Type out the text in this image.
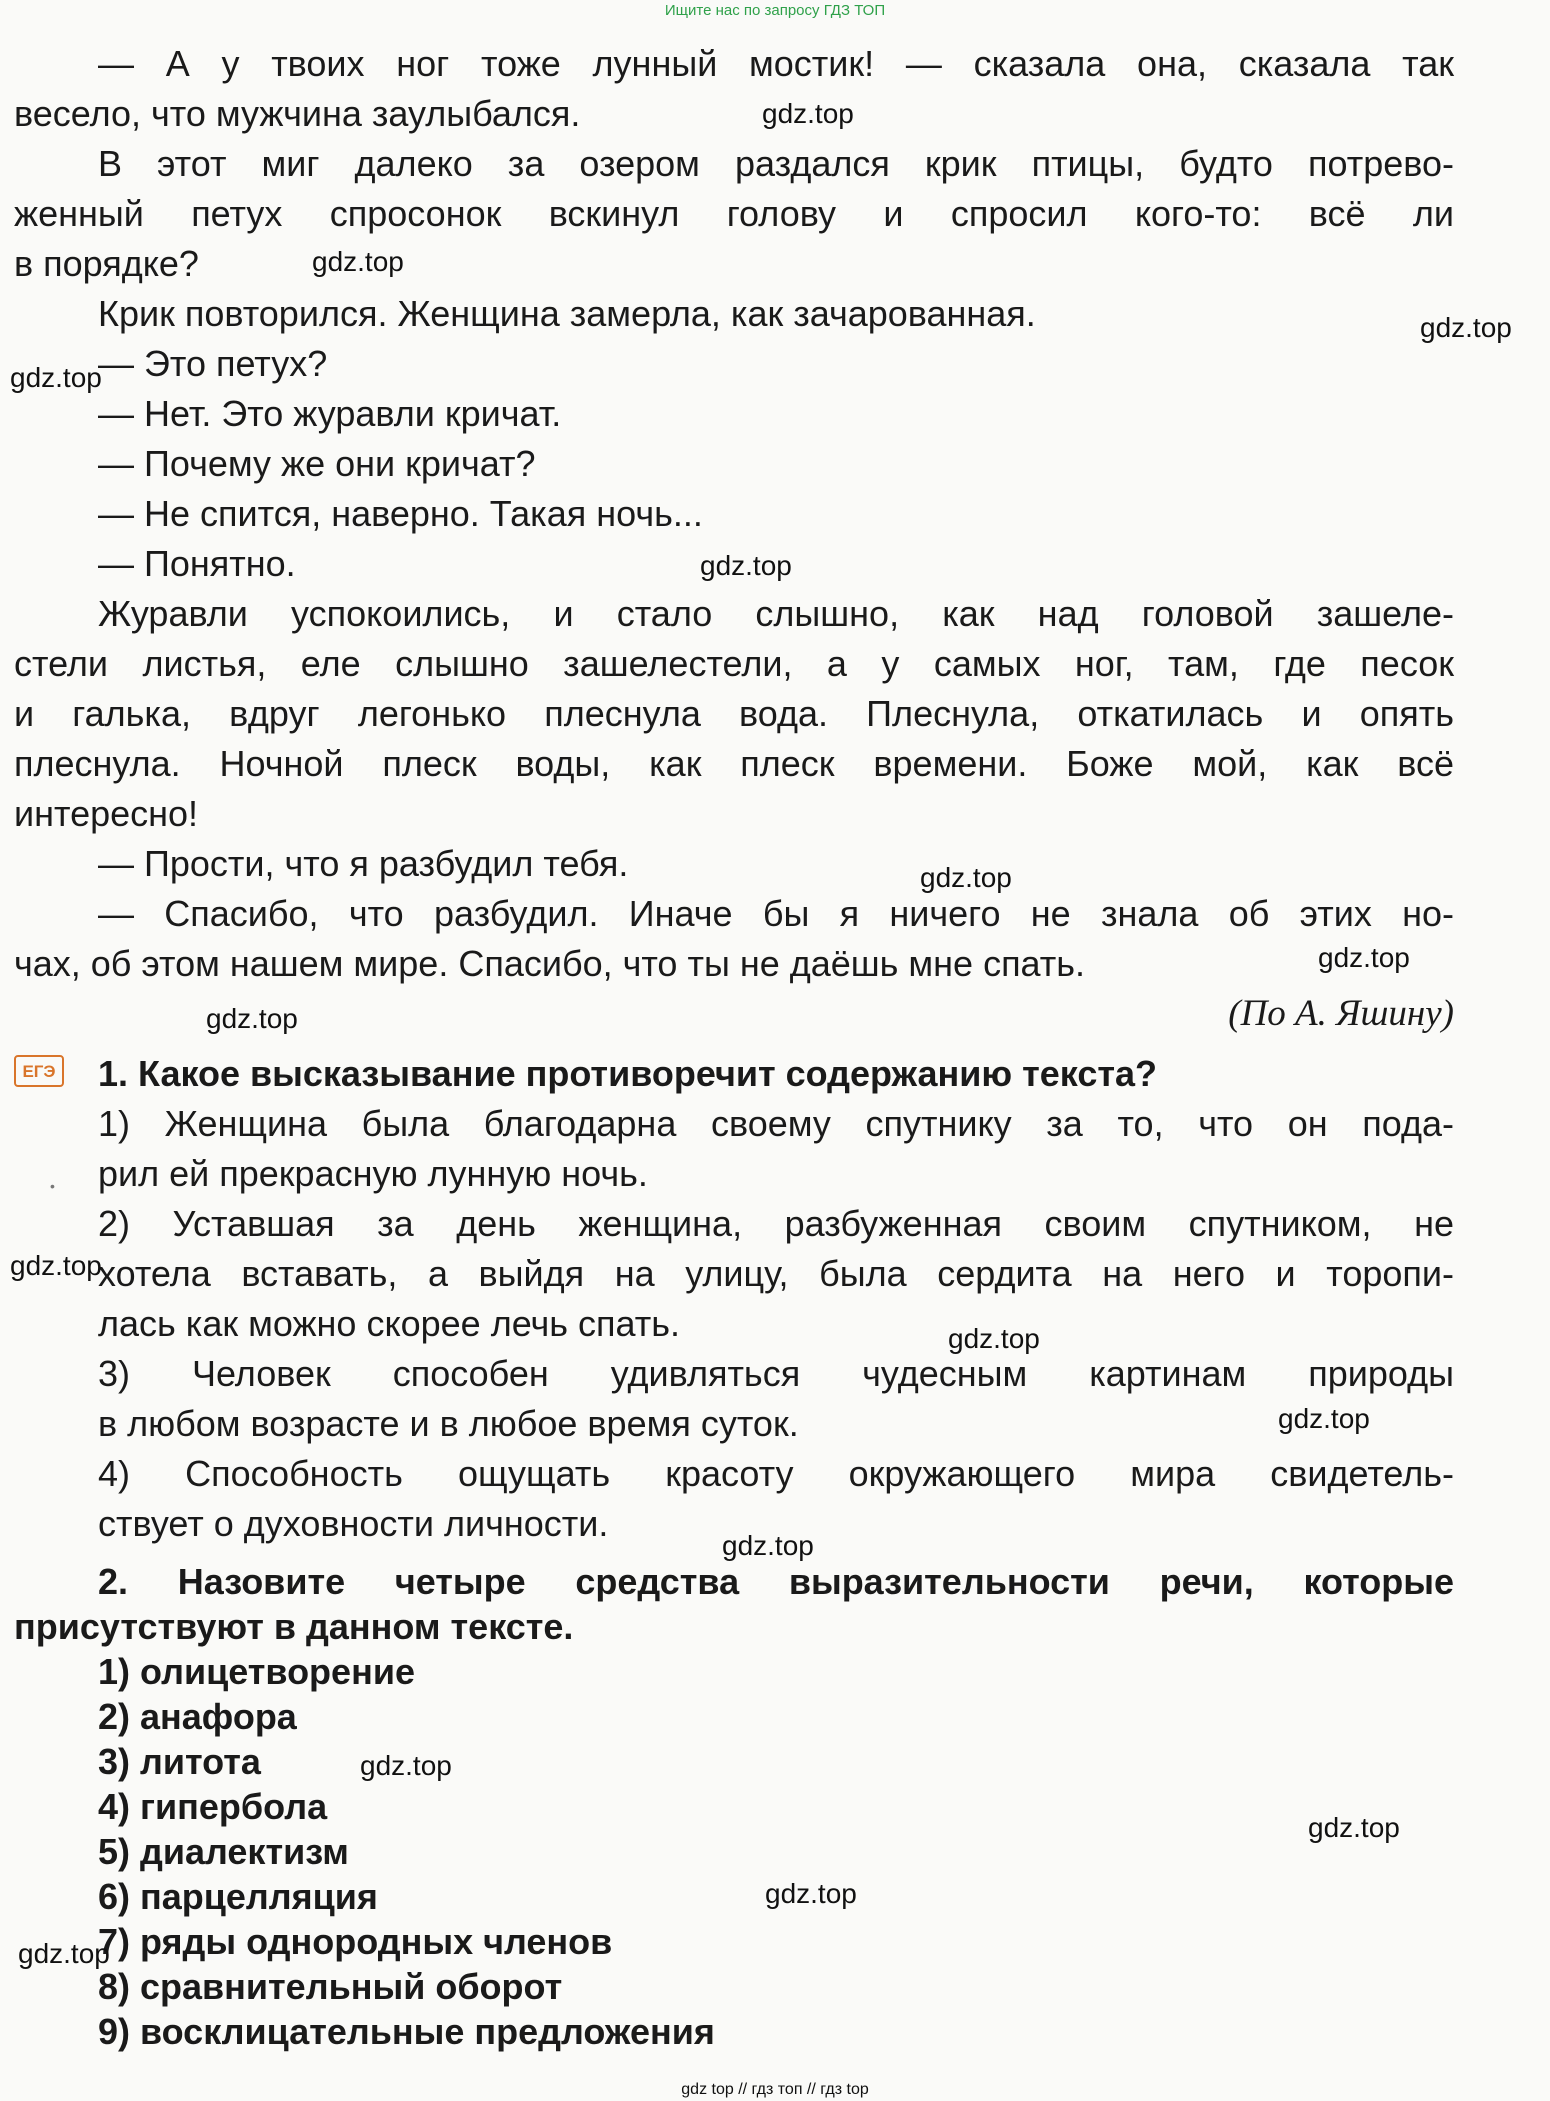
Ищите нас по запросу ГДЗ ТОП
— А у твоих ног тоже лунный мостик! — сказала она, сказала так
весело, что мужчина заулыбался.
В этот миг далеко за озером раздался крик птицы, будто потрево-
женный петух спросонок вскинул голову и спросил кого-то: всё ли
в порядке?
Крик повторился. Женщина замерла, как зачарованная.
— Это петух?
— Нет. Это журавли кричат.
— Почему же они кричат?
— Не спится, наверно. Такая ночь...
— Понятно.
Журавли успокоились, и стало слышно, как над головой зашеле-
стели листья, еле слышно зашелестели, а у самых ног, там, где песок
и галька, вдруг легонько плеснула вода. Плеснула, откатилась и опять
плеснула. Ночной плеск воды, как плеск времени. Боже мой, как всё
интересно!
— Прости, что я разбудил тебя.
— Спасибо, что разбудил. Иначе бы я ничего не знала об этих но-
чах, об этом нашем мире. Спасибо, что ты не даёшь мне спать.
(По А. Яшину)
ЕГЭ
•
1. Какое высказывание противоречит содержанию текста?
1) Женщина была благодарна своему спутнику за то, что он пода-
рил ей прекрасную лунную ночь.
2) Уставшая за день женщина, разбуженная своим спутником, не
хотела вставать, а выйдя на улицу, была сердита на него и торопи-
лась как можно скорее лечь спать.
3) Человек способен удивляться чудесным картинам природы
в любом возрасте и в любое время суток.
4) Способность ощущать красоту окружающего мира свидетель-
ствует о духовности личности.
2. Назовите четыре средства выразительности речи, которые
присутствуют в данном тексте.
1) олицетворение
2) анафора
3) литота
4) гипербола
5) диалектизм
6) парцелляция
7) ряды однородных членов
8) сравнительный оборот
9) восклицательные предложения
gdz.top
gdz.top
gdz.top
gdz.top
gdz.top
gdz.top
gdz.top
gdz.top
gdz.top
gdz.top
gdz.top
gdz.top
gdz.top
gdz.top
gdz.top
gdz.top
gdz top // гдз топ // гдз top
